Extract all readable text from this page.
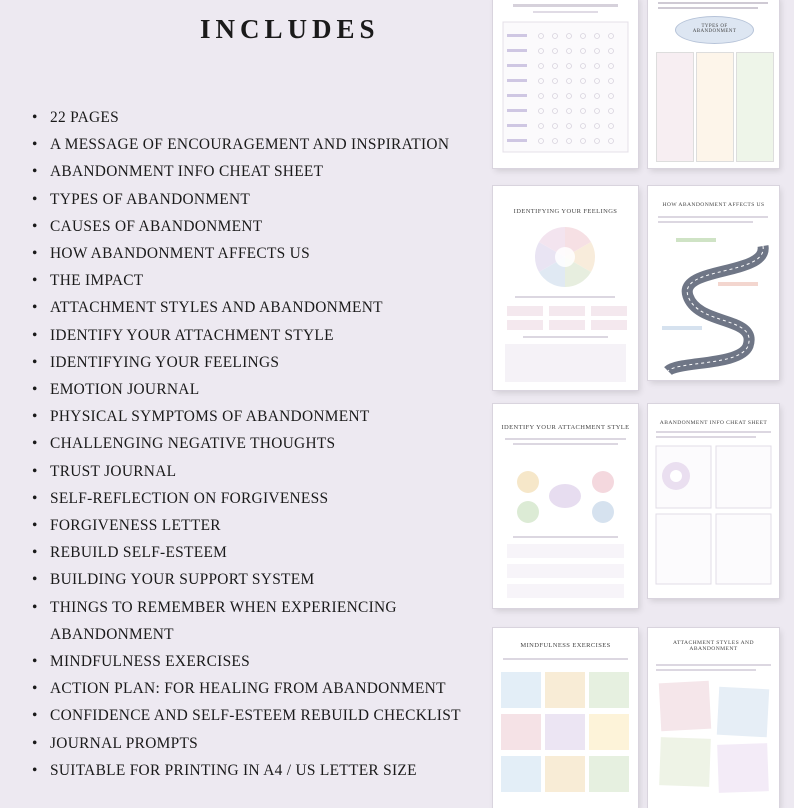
INCLUDES
• 22 PAGES
• A MESSAGE OF ENCOURAGEMENT AND INSPIRATION
• ABANDONMENT INFO CHEAT SHEET
• TYPES OF ABANDONMENT
• CAUSES OF ABANDONMENT
• HOW ABANDONMENT AFFECTS US
• THE IMPACT
• ATTACHMENT STYLES AND ABANDONMENT
• IDENTIFY YOUR ATTACHMENT STYLE
• IDENTIFYING YOUR FEELINGS
• EMOTION JOURNAL
• PHYSICAL SYMPTOMS OF ABANDONMENT
• CHALLENGING NEGATIVE THOUGHTS
• TRUST JOURNAL
• SELF-REFLECTION ON FORGIVENESS
• FORGIVENESS LETTER
• REBUILD SELF-ESTEEM
• BUILDING YOUR SUPPORT SYSTEM
• THINGS TO REMEMBER WHEN EXPERIENCING ABANDONMENT
• MINDFULNESS EXERCISES
• ACTION PLAN: FOR HEALING FROM ABANDONMENT
• CONFIDENCE AND SELF-ESTEEM REBUILD CHECKLIST
• JOURNAL PROMPTS
• SUITABLE FOR PRINTING IN A4 / US LETTER SIZE
TYPES OF ABANDONMENT
IDENTIFYING YOUR FEELINGS
HOW ABANDONMENT AFFECTS US
IDENTIFY YOUR ATTACHMENT STYLE
ABANDONMENT INFO CHEAT SHEET
MINDFULNESS EXERCISES	ATTACHMENT STYLES AND ABANDONMENT
